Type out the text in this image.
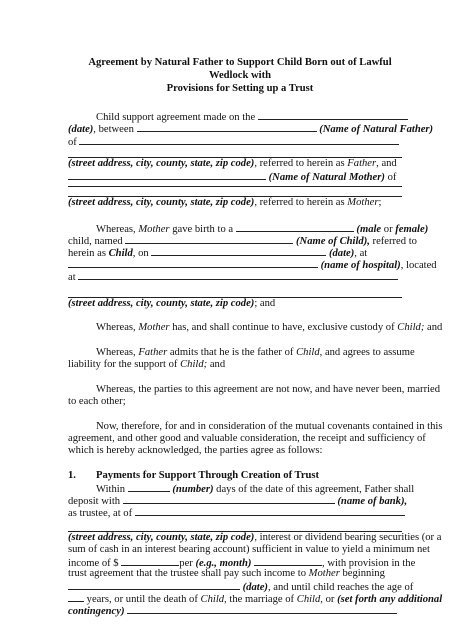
Agreement by Natural Father to Support Child Born out of Lawful Wedlock with
Provisions for Setting up a Trust

Child support agreement made on the
(date), between	(Name of Natural Father)
of
(street address, city, county, state, zip code), referred to herein as Father, and
(Name of Natural Mother) of
(street address, city, county, state, zip code), referred to herein as Mother;
Whereas, Mother gave birth to a	(male or female)
child, named	(Name of Child), referred to
herein as Child, on	(date), at
(name of hospital), located
at
(street address, city, county, state, zip code); and
Whereas, Mother has, and shall continue to have, exclusive custody of Child; and
Whereas, Father admits that he is the father of Child, and agrees to assume
liability for the support of Child; and
Whereas, the parties to this agreement are not now, and have never been, married
to each other;
Now, therefore, for and in consideration of the mutual covenants contained in this
agreement, and other good and valuable consideration, the receipt and sufficiency of
which is hereby acknowledged, the parties agree as follows:
1. Payments for Support Through Creation of Trust
Within	(number) days of the date of this agreement, Father shall
deposit with	(name of bank),
as trustee, at of
(street address, city, county, state, zip code), interest or dividend bearing securities (or a
sum of cash in an interest bearing account) sufficient in value to yield a minimum net
income of $	per (e.g., month)	, with provision in the
trust agreement that the trustee shall pay such income to Mother beginning
(date), and until child reaches the age of
years, or until the death of Child, the marriage of Child, or (set forth any additional
contingency)
